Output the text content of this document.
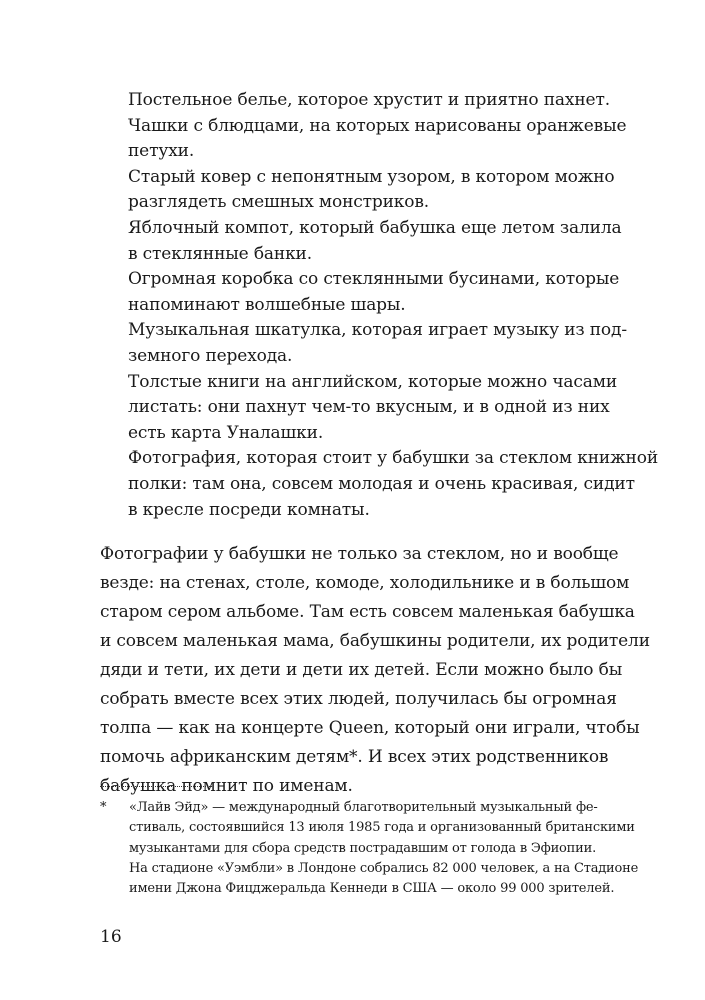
Постельное белье, которое хрустит и приятно пахнет.
Чашки с блюдцами, на которых нарисованы оранжевые
петухи.
Старый ковер с непонятным узором, в котором можно
разглядеть смешных монстриков.
Яблочный компот, который бабушка еще летом залила
в стеклянные банки.
Огромная коробка со стеклянными бусинами, которые
напоминают волшебные шары.
Музыкальная шкатулка, которая играет музыку из под-
земного перехода.
Толстые книги на английском, которые можно часами
листать: они пахнут чем-то вкусным, и в одной из них
есть карта Уналашки.
Фотография, которая стоит у бабушки за стеклом книжной
полки: там она, совсем молодая и очень красивая, сидит
в кресле посреди комнаты.
Фотографии у бабушки не только за стеклом, но и вообще
везде: на стенах, столе, комоде, холодильнике и в большом
старом сером альбоме. Там есть совсем маленькая бабушка
и совсем маленькая мама, бабушкины родители, их родители
дяди и тети, их дети и дети их детей. Если можно было бы
собрать вместе всех этих людей, получилась бы огромная
толпа — как на концерте Queen, который они играли, чтобы
помочь африканским детям*. И всех этих родственников
бабушка помнит по именам.
* «Лайв Эйд» — международный благотворительный музыкальный фе-
стиваль, состоявшийся 13 июля 1985 года и организованный британскими
музыкантами для сбора средств пострадавшим от голода в Эфиопии.
На стадионе «Уэмбли» в Лондоне собрались 82 000 человек, а на Стадионе
имени Джона Фицджеральда Кеннеди в США — около 99 000 зрителей.
16
